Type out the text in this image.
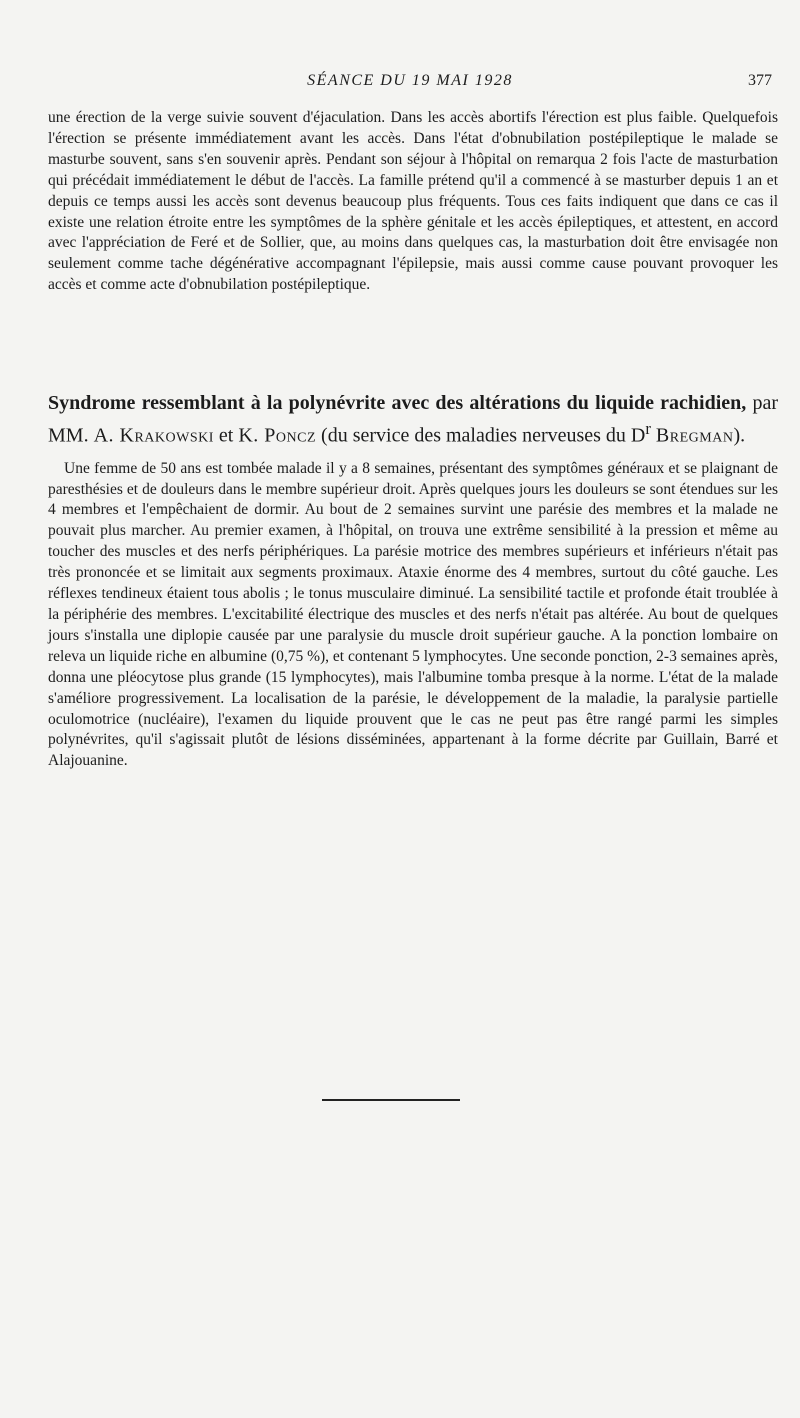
SÉANCE DU 19 MAI 1928	377

une érection de la verge suivie souvent d'éjaculation. Dans les accès abortifs l'érection est plus faible. Quelquefois l'érection se présente immédiatement avant les accès. Dans l'état d'obnubilation postépileptique le malade se masturbe souvent, sans s'en souvenir après. Pendant son séjour à l'hôpital on remarqua 2 fois l'acte de masturbation qui précédait immédiatement le début de l'accès. La famille prétend qu'il a commencé à se masturber depuis 1 an et depuis ce temps aussi les accès sont devenus beaucoup plus fréquents. Tous ces faits indiquent que dans ce cas il existe une relation étroite entre les symptômes de la sphère génitale et les accès épileptiques, et attestent, en accord avec l'appréciation de Feré et de Sollier, que, au moins dans quelques cas, la masturbation doit être envisagée non seulement comme tache dégénérative accompagnant l'épilepsie, mais aussi comme cause pouvant provoquer les accès et comme acte d'obnubilation postépileptique.

Syndrome ressemblant à la polynévrite avec des altérations du liquide rachidien, par MM. A. Krakowski et K. Poncz (du service des maladies nerveuses du $D^r$ Bregman).

Une femme de 50 ans est tombée malade il y a 8 semaines, présentant des symptômes généraux et se plaignant de paresthésies et de douleurs dans le membre supérieur droit. Après quelques jours les douleurs se sont étendues sur les 4 membres et l'empêchaient de dormir. Au bout de 2 semaines survint une parésie des membres et la malade ne pouvait plus marcher. Au premier examen, à l'hôpital, on trouva une extrême sensibilité à la pression et même au toucher des muscles et des nerfs périphériques. La parésie motrice des membres supérieurs et inférieurs n'était pas très prononcée et se limitait aux segments proximaux. Ataxie énorme des 4 membres, surtout du côté gauche. Les réflexes tendineux étaient tous abolis ; le tonus musculaire diminué. La sensibilité tactile et profonde était troublée à la périphérie des membres. L'excitabilité électrique des muscles et des nerfs n'était pas altérée. Au bout de quelques jours s'installa une diplopie causée par une paralysie du muscle droit supérieur gauche. A la ponction lombaire on releva un liquide riche en albumine (0,75 %), et contenant 5 lymphocytes. Une seconde ponction, 2-3 semaines après, donna une pléocytose plus grande (15 lymphocytes), mais l'albumine tomba presque à la norme. L'état de la malade s'améliore progressivement. La localisation de la parésie, le développement de la maladie, la paralysie partielle oculomotrice (nucléaire), l'examen du liquide prouvent que le cas ne peut pas être rangé parmi les simples polynévrites, qu'il s'agissait plutôt de lésions disséminées, appartenant à la forme décrite par Guillain, Barré et Alajouanine.
